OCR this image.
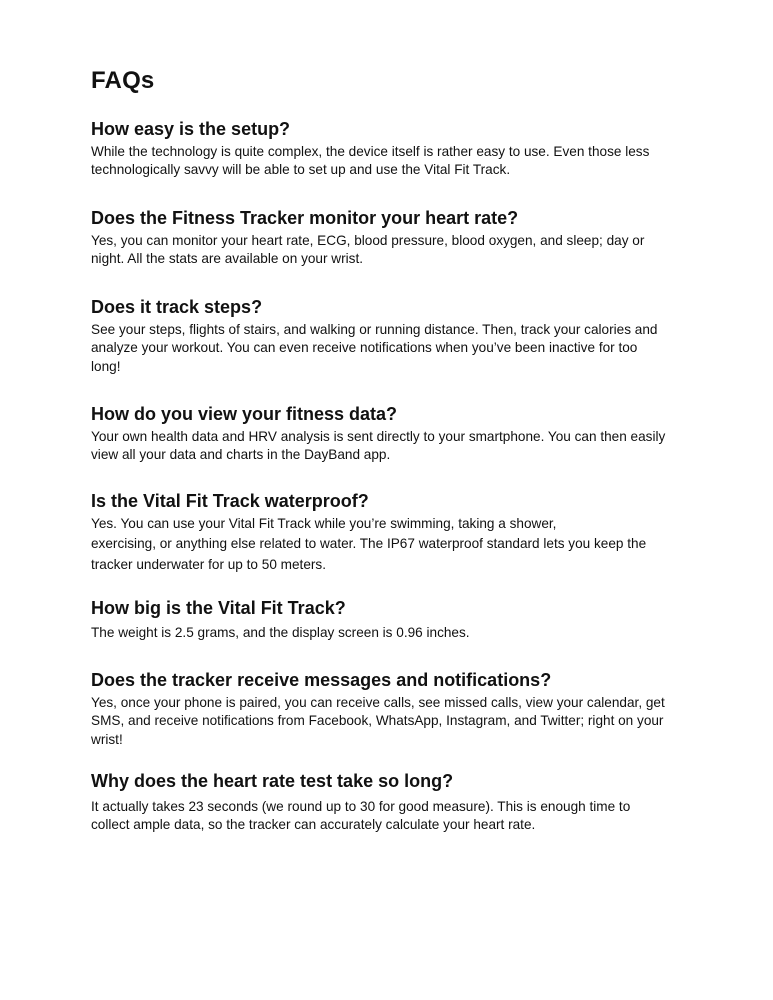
FAQs
How easy is the setup?

While the technology is quite complex, the device itself is rather easy to use. Even those less
technologically savvy will be able to set up and use the Vital Fit Track.

Does the Fitness Tracker monitor your heart rate?

Yes, you can monitor your heart rate, ECG, blood pressure, blood oxygen, and sleep; day or
night. All the stats are available on your wrist.

Does it track steps?

See your steps, flights of stairs, and walking or running distance. Then, track your calories and
analyze your workout. You can even receive notifications when you’ve been inactive for too
long!

How do you view your fitness data?

Your own health data and HRV analysis is sent directly to your smartphone. You can then easily
view all your data and charts in the DayBand app.

Is the Vital Fit Track waterproof?

Yes. You can use your Vital Fit Track while you’re swimming, taking a shower,
exercising, or anything else related to water. The IP67 waterproof standard lets you keep the
tracker underwater for up to 50 meters.

How big is the Vital Fit Track?

The weight is 2.5 grams, and the display screen is 0.96 inches.

Does the tracker receive messages and notifications?

Yes, once your phone is paired, you can receive calls, see missed calls, view your calendar, get
SMS, and receive notifications from Facebook, WhatsApp, Instagram, and Twitter; right on your
wrist!

Why does the heart rate test take so long?

It actually takes 23 seconds (we round up to 30 for good measure). This is enough time to
collect ample data, so the tracker can accurately calculate your heart rate.
